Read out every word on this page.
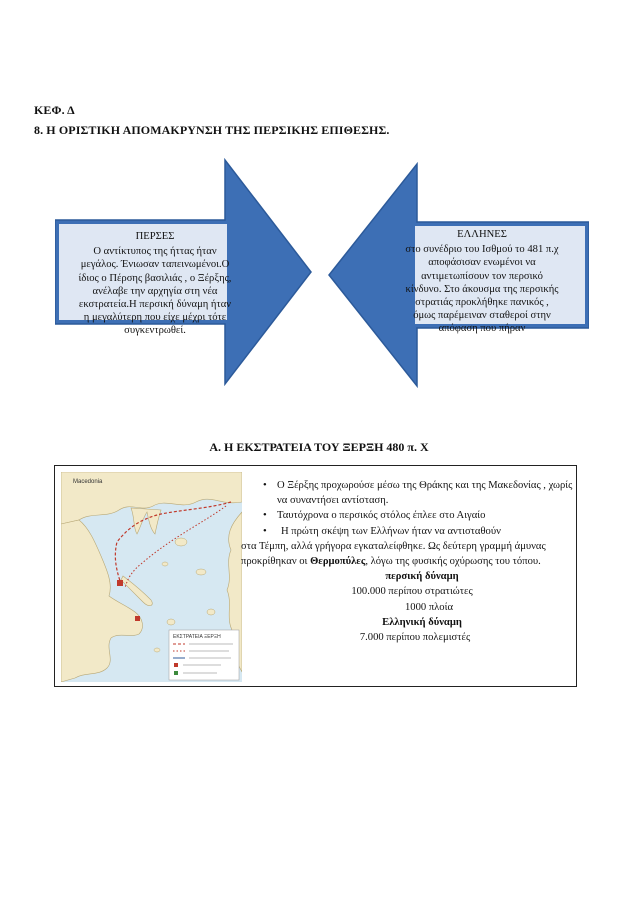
ΚΕΦ. Δ
8. Η ΟΡΙΣΤΙΚΗ ΑΠΟΜΑΚΡΥΝΣΗ ΤΗΣ ΠΕΡΣΙΚΗΣ ΕΠΙΘΕΣΗΣ.
ΠΕΡΣΕΣ
Ο αντίκτυπος της ήττας ήταν
μεγάλος. Ένιωσαν ταπεινωμένοι.Ο
ίδιος ο Πέρσης βασιλιάς , ο Ξέρξης,
ανέλαβε την αρχηγία στη νέα
εκστρατεία.Η περσική δύναμη ήταν
η μεγαλύτερη που είχε μέχρι τότε
συγκεντρωθεί.
ΕΛΛΗΝΕΣ
στο συνέδριο του Ισθμού το 481 π.χ
αποφάσισαν ενωμένοι να
αντιμετωπίσουν τον περσικό
κίνδυνο. Στο άκουσμα της περσικής
στρατιάς προκλήθηκε πανικός ,
όμως παρέμειναν σταθεροί στην
απόφαση που πήραν
Α. Η ΕΚΣΤΡΑΤΕΙΑ ΤΟΥ ΞΕΡΞΗ 480 π. Χ
Macedonia
ΕΚΣΤΡΑΤΕΙΑ ΞΕΡΞΗ
• Ο Ξέρξης προχωρούσε μέσω της Θράκης και της Μακεδονίας , χωρίς να συναντήσει αντίσταση.
• Ταυτόχρονα ο περσικός στόλος έπλεε στο Αιγαίο
• Η πρώτη σκέψη των Ελλήνων ήταν να αντισταθούν
στα Τέμπη, αλλά γρήγορα εγκαταλείφθηκε. Ως δεύτερη γραμμή άμυνας προκρίθηκαν οι Θερμοπύλες, λόγω της φυσικής οχύρωσης του τόπου.
περσική δύναμη
100.000 περίπου στρατιώτες
1000 πλοία
Ελληνική δύναμη
7.000 περίπου πολεμιστές
